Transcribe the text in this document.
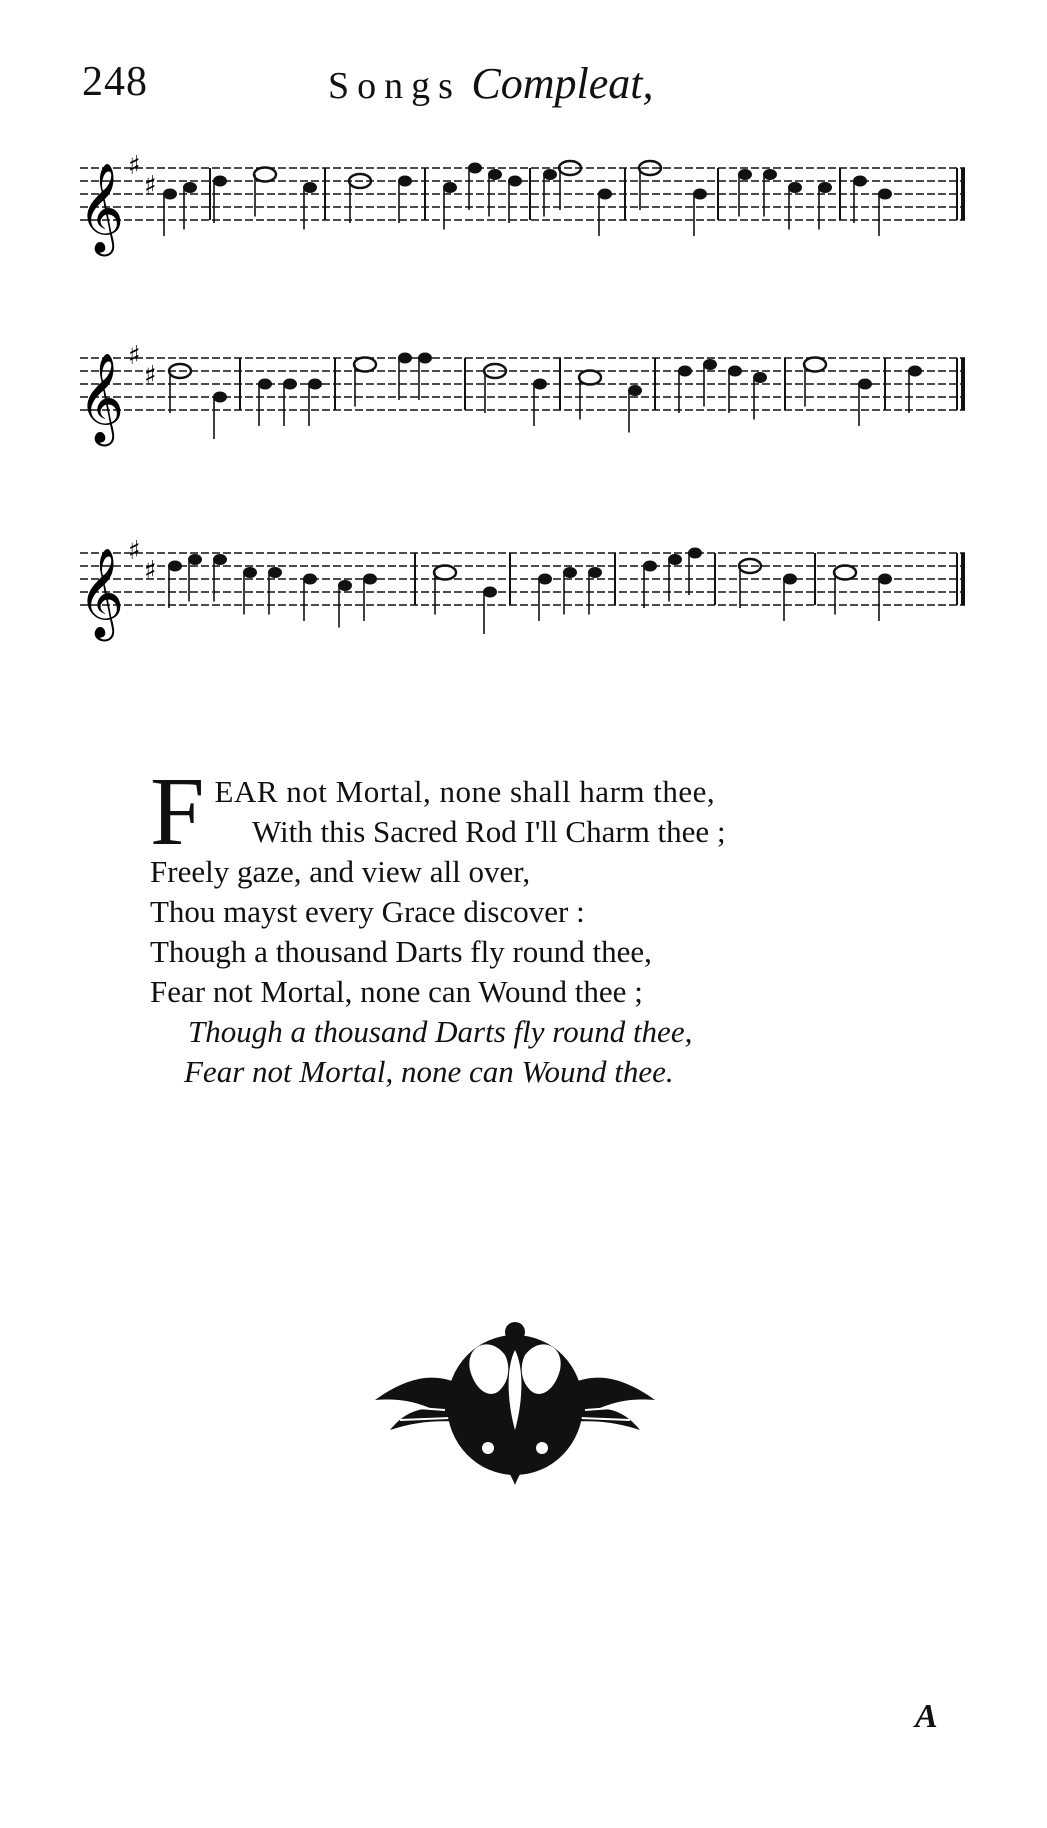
248	Songs Compleat,
𝄞 ♯
♯
𝄞 ♯
♯
𝄞 ♯
♯
F EAR not Mortal, none shall harm thee,
With this Sacred Rod I'll Charm thee ;
Freely gaze, and view all over,
Thou mayst every Grace discover :
Though a thousand Darts fly round thee,
Fear not Mortal, none can Wound thee ;
Though a thousand Darts fly round thee,
Fear not Mortal, none can Wound thee.
A
